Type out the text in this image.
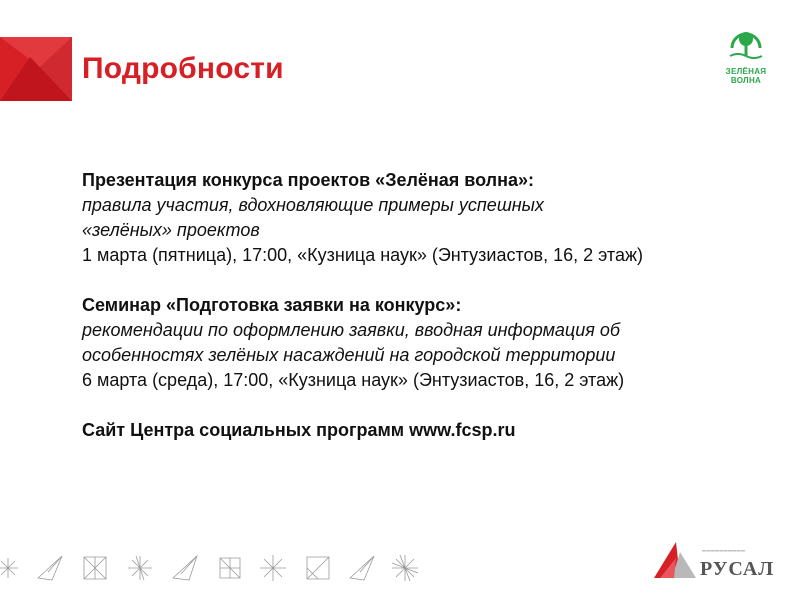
Подробности	ЗЕЛЁНАЯ
ВОЛНА
Презентация конкурса проектов «Зелёная волна»:
правила участия, вдохновляющие примеры успешных
«зелёных» проектов
1 марта (пятница), 17:00, «Кузница наук» (Энтузиастов, 16, 2 этаж)
Семинар «Подготовка заявки на конкурс»:
рекомендации по оформлению заявки, вводная информация об
особенностях зелёных насаждений на городской территории
6 марта (среда), 17:00, «Кузница наук» (Энтузиастов, 16, 2 этаж)
Сайт Центра социальных программ www.fcsp.ru
▔▔▔▔▔▔▔▔▔▔
РУСАЛ
